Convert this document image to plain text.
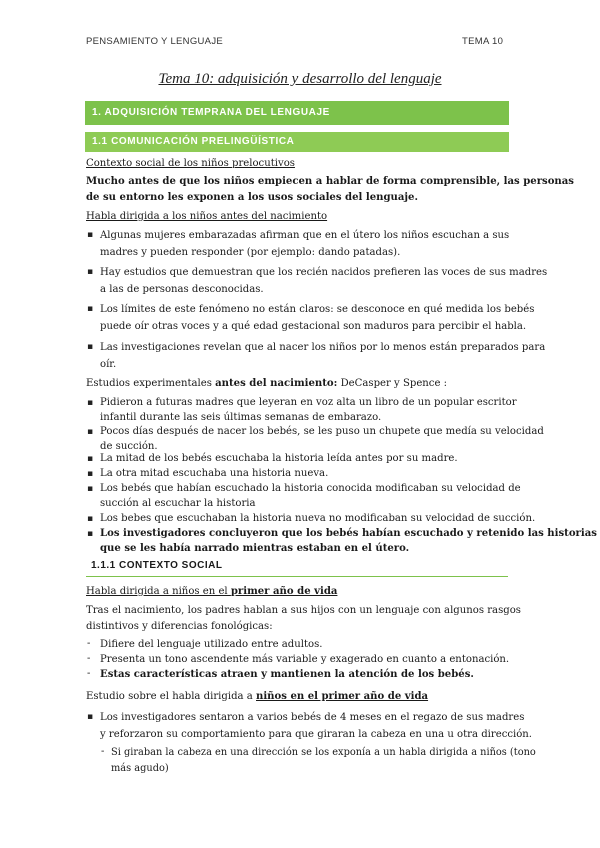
PENSAMIENTO Y LENGUAJE	TEMA 10
Tema 10: adquisición y desarrollo del lenguaje
1. ADQUISICIÓN TEMPRANA DEL LENGUAJE
1.1 COMUNICACIÓN PRELINGÜÍSTICA
Contexto social de los niños prelocutivos
Mucho antes de que los niños empiecen a hablar de forma comprensible, las personas
de su entorno les exponen a los usos sociales del lenguaje.
Habla dirigida a los niños antes del nacimiento
▪ Algunas mujeres embarazadas afirman que en el útero los niños escuchan a sus
madres y pueden responder (por ejemplo: dando patadas).
▪ Hay estudios que demuestran que los recién nacidos prefieren las voces de sus madres
a las de personas desconocidas.
▪ Los límites de este fenómeno no están claros: se desconoce en qué medida los bebés
puede oír otras voces y a qué edad gestacional son maduros para percibir el habla.
▪ Las investigaciones revelan que al nacer los niños por lo menos están preparados para
oír.
Estudios experimentales antes del nacimiento: DeCasper y Spence :
▪ Pidieron a futuras madres que leyeran en voz alta un libro de un popular escritor
infantil durante las seis últimas semanas de embarazo.
▪ Pocos días después de nacer los bebés, se les puso un chupete que medía su velocidad
de succión.
▪ La mitad de los bebés escuchaba la historia leída antes por su madre.
▪ La otra mitad escuchaba una historia nueva.
▪ Los bebés que habían escuchado la historia conocida modificaban su velocidad de
succión al escuchar la historia
▪ Los bebes que escuchaban la historia nueva no modificaban su velocidad de succión.
▪ Los investigadores concluyeron que los bebés habían escuchado y retenido las historias
que se les había narrado mientras estaban en el útero.
1.1.1 CONTEXTO SOCIAL
Habla dirigida a niños en el primer año de vida
Tras el nacimiento, los padres hablan a sus hijos con un lenguaje con algunos rasgos
distintivos y diferencias fonológicas:
- Difiere del lenguaje utilizado entre adultos.
- Presenta un tono ascendente más variable y exagerado en cuanto a entonación.
- Estas características atraen y mantienen la atención de los bebés.
Estudio sobre el habla dirigida a niños en el primer año de vida
▪ Los investigadores sentaron a varios bebés de 4 meses en el regazo de sus madres
y reforzaron su comportamiento para que giraran la cabeza en una u otra dirección.
- Si giraban la cabeza en una dirección se los exponía a un habla dirigida a niños (tono
más agudo)
